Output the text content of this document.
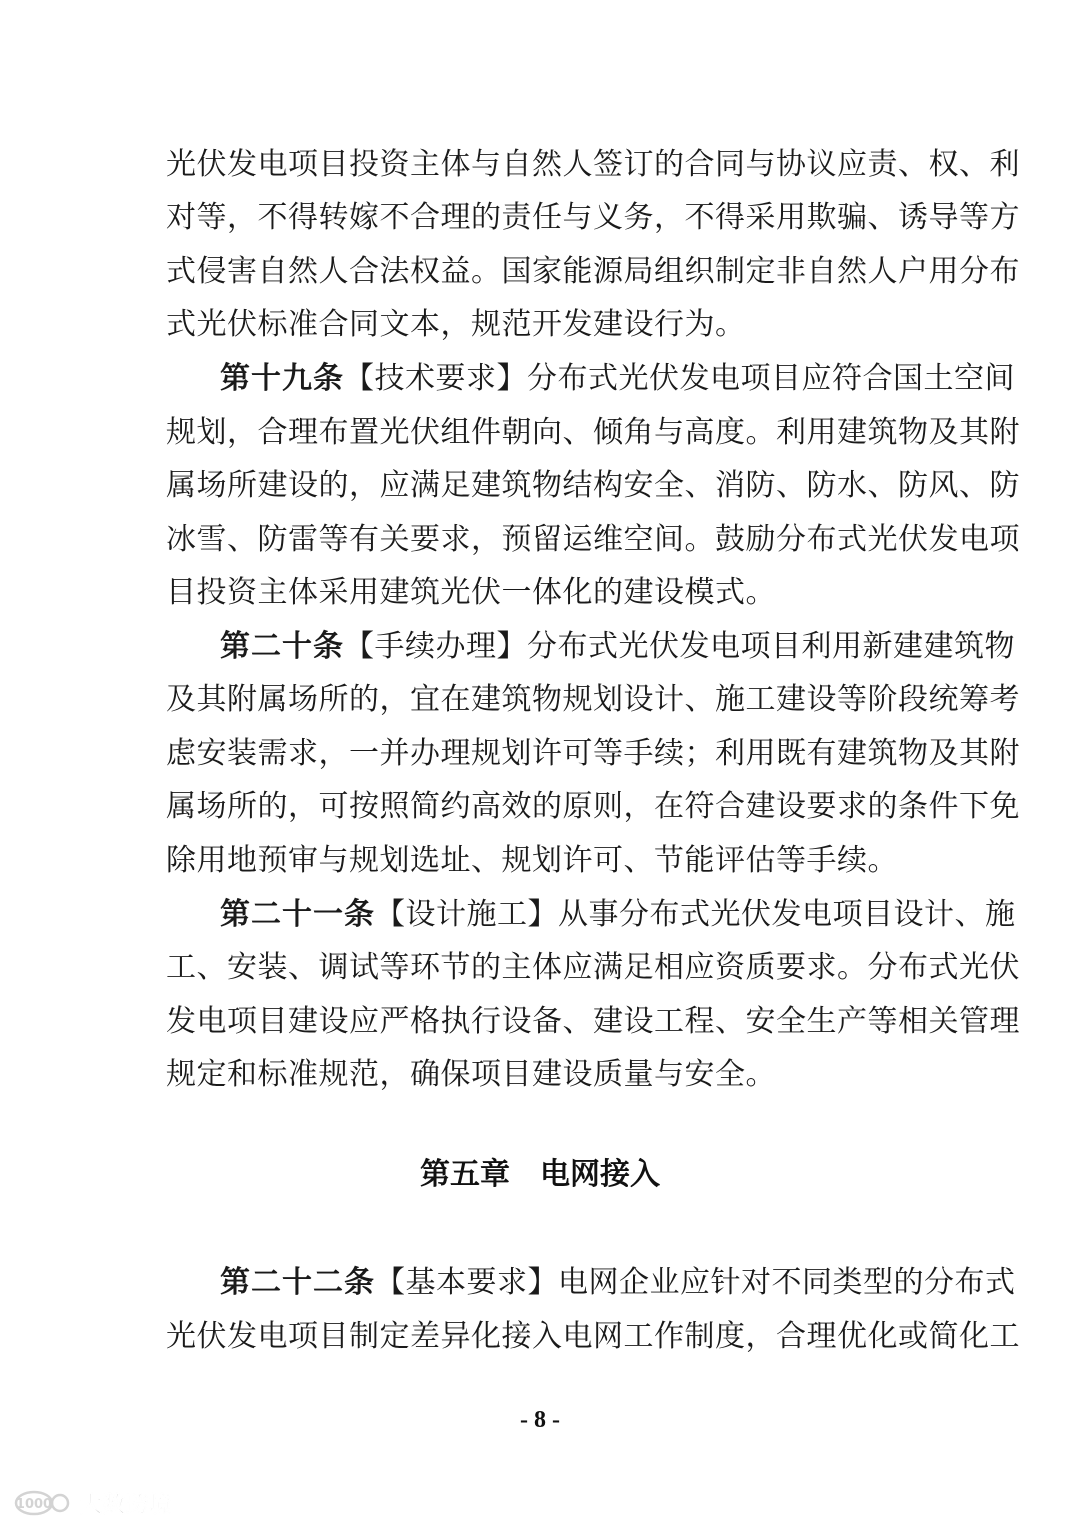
光伏发电项目投资主体与自然人签订的合同与协议应责、权、利
对等，不得转嫁不合理的责任与义务，不得采用欺骗、诱导等方
式侵害自然人合法权益。国家能源局组织制定非自然人户用分布
式光伏标准合同文本，规范开发建设行为。
第十九条【技术要求】分布式光伏发电项目应符合国土空间
规划，合理布置光伏组件朝向、倾角与高度。利用建筑物及其附
属场所建设的，应满足建筑物结构安全、消防、防水、防风、防
冰雪、防雷等有关要求，预留运维空间。鼓励分布式光伏发电项
目投资主体采用建筑光伏一体化的建设模式。
第二十条【手续办理】分布式光伏发电项目利用新建建筑物
及其附属场所的，宜在建筑物规划设计、施工建设等阶段统筹考
虑安装需求，一并办理规划许可等手续；利用既有建筑物及其附
属场所的，可按照简约高效的原则，在符合建设要求的条件下免
除用地预审与规划选址、规划许可、节能评估等手续。
第二十一条【设计施工】从事分布式光伏发电项目设计、施
工、安装、调试等环节的主体应满足相应资质要求。分布式光伏
发电项目建设应严格执行设备、建设工程、安全生产等相关管理
规定和标准规范，确保项目建设质量与安全。
第五章　电网接入
第二十二条【基本要求】电网企业应针对不同类型的分布式
光伏发电项目制定差异化接入电网工作制度，合理优化或简化工
- 8 -
1000 大数跨境
